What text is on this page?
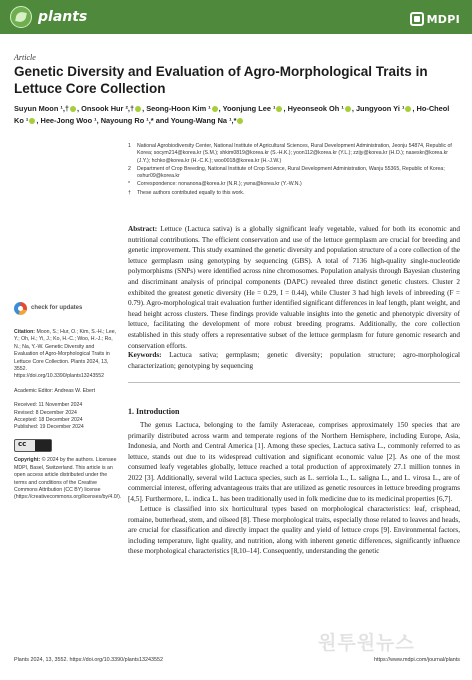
plants	MDPI
Article
Genetic Diversity and Evaluation of Agro-Morphological Traits in Lettuce Core Collection
Suyun Moon ¹,† , Onsook Hur ²,† , Seong-Hoon Kim ¹ , Yoonjung Lee ¹ , Hyeonseok Oh ¹ , Jungyoon Yi ¹ , Ho-Cheol Ko ¹ , Hee-Jong Woo ¹, Nayoung Ro ¹,* and Young-Wang Na ¹,*
1	National Agrobiodiversity Center, National Institute of Agricultural Sciences, Rural Development Administration, Jeonju 54874, Republic of Korea; socym214@korea.kr (S.M.); shkim0819@korea.kr (S.-H.K.); yoon112@korea.kr (Y.L.); zzijy@korea.kr (H.O.); naseskr@korea.kr (J.Y.); hchko@korea.kr (H.-C.K.); woo0018@korea.kr (H.-J.W.)
2	Department of Crop Breeding, National Institute of Crop Science, Rural Development Administration, Wanju 55365, Republic of Korea; oshur09@korea.kr
*	Correspondence: nonanona@korea.kr (N.R.); ywna@korea.kr (Y.-W.N.)
†	These authors contributed equally to this work.
Abstract: Lettuce (Lactuca sativa) is a globally significant leafy vegetable, valued for both its economic and nutritional contributions. The efficient conservation and use of the lettuce germplasm are crucial for breeding and genetic improvement. This study examined the genetic diversity and population structure of a core collection of the lettuce germplasm using genotyping by sequencing (GBS). A total of 7136 high-quality single-nucleotide polymorphisms (SNPs) were identified across nine chromosomes. Population analysis through Bayesian clustering and discriminant analysis of principal components (DAPC) revealed three distinct genetic clusters. Cluster 2 exhibited the greatest genetic diversity (He = 0.29, I = 0.44), while Cluster 3 had high levels of inbreeding (F = 0.79). Agro-morphological trait evaluation further identified significant differences in leaf length, plant weight, and head height across clusters. These findings provide valuable insights into the genetic and phenotypic diversity of lettuce, facilitating the development of more robust breeding programs. Additionally, the core collection established in this study offers a representative subset of the lettuce germplasm for future genomic research and conservation efforts.
Keywords: Lactuca sativa; germplasm; genetic diversity; population structure; agro-morphological characterization; genotyping by sequencing
check for updates
Citation: Moon, S.; Hur, O.; Kim, S.-H.; Lee, Y.; Oh, H.; Yi, J.; Ko, H.-C.; Woo, H.-J.; Ro, N.; Na, Y.-W. Genetic Diversity and Evaluation of Agro-Morphological Traits in Lettuce Core Collection. Plants 2024, 13, 3552. https://doi.org/10.3390/plants13243552
Academic Editor: Andreas W. Ebert
Received: 11 November 2024
Revised: 8 December 2024
Accepted: 18 December 2024
Published: 19 December 2024
cc
Copyright: © 2024 by the authors. Licensee MDPI, Basel, Switzerland. This article is an open access article distributed under the terms and conditions of the Creative Commons Attribution (CC BY) license (https://creativecommons.org/licenses/by/4.0/).
1. Introduction

The genus Lactuca, belonging to the family Asteraceae, comprises approximately 150 species that are primarily distributed across warm and temperate regions of the Northern Hemisphere, including Europe, Asia, Indonesia, and North and Central America [1]. Among these species, Lactuca sativa L., commonly referred to as lettuce, stands out due to its widespread cultivation and significant economic value [2]. As one of the most consumed leafy vegetables globally, lettuce reached a total production of approximately 27.1 million tonnes in 2022 [3]. Additionally, several wild Lactuca species, such as L. serriola L., L. saligna L., and L. virosa L., are of commercial interest, offering advantageous traits that are utilized as genetic resources in lettuce breeding programs [4,5]. Furthermore, L. indica L. has been traditionally used in folk medicine due to its medicinal properties [6,7].

Lettuce is classified into six horticultural types based on morphological characteristics: leaf, crisphead, romaine, butterhead, stem, and oilseed [8]. These morphological traits, especially those related to leaves and heads, are crucial for classification and directly impact the quality and yield of lettuce crops [9]. Environmental factors, including temperature, light quality, and nutrition, along with inherent genetic differences, significantly influence these morphological characteristics [8,10–14]. Consequently, understanding the genetic

원투원뉴스
Plants 2024, 13, 3552. https://doi.org/10.3390/plants13243552	https://www.mdpi.com/journal/plants
